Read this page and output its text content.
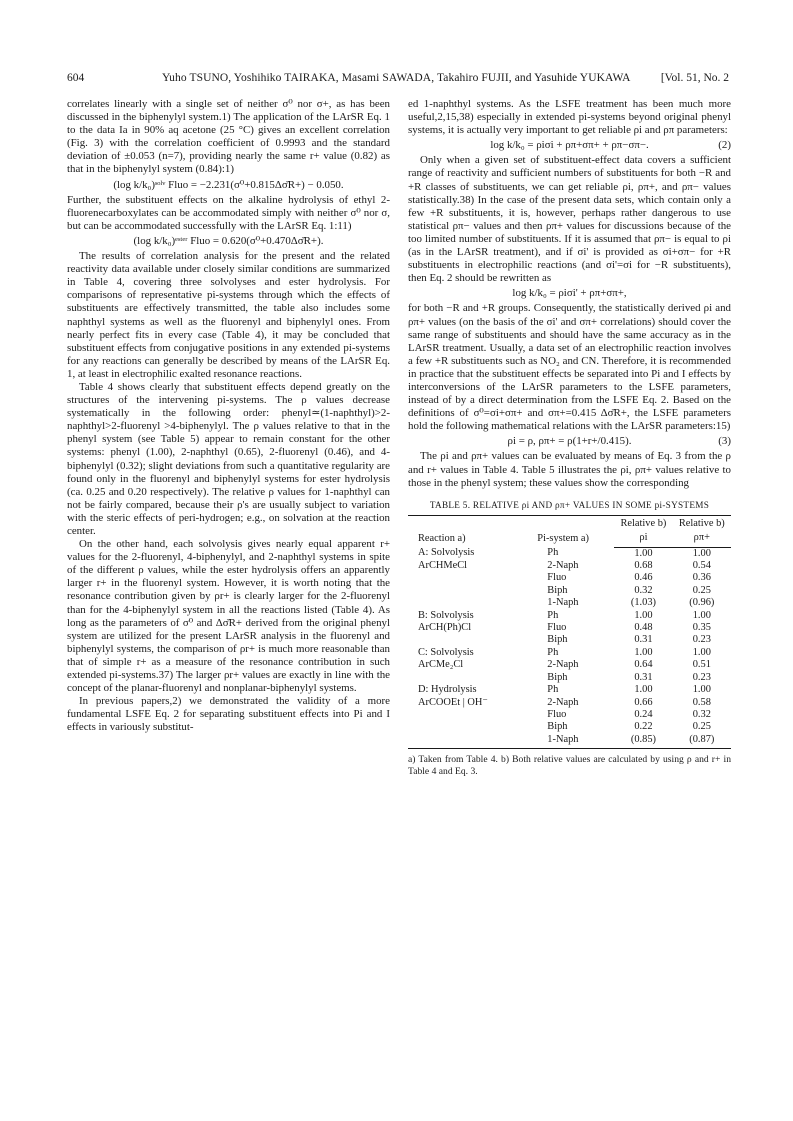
604	Yuho TSUNO, Yoshihiko TAIRAKA, Masami SAWADA, Takahiro FUJII, and Yasuhide YUKAWA	[Vol. 51, No. 2

correlates linearly with a single set of neither σ⁰ nor σ+, as has been discussed in the biphenylyl system.1) The application of the LArSR Eq. 1 to the data Ia in 90% aq acetone (25 °C) gives an excellent correlation (Fig. 3) with the correlation coefficient of 0.9993 and the standard deviation of ±0.053 (n=7), providing nearly the same r+ value (0.82) as that in the biphenylyl system (0.84):1)

(log k/k₀)ˢᵒˡᵛ Fluo = −2.231(σ⁰+0.815Δσ̄R+) − 0.050.

Further, the substituent effects on the alkaline hydrolysis of ethyl 2-fluorenecarboxylates can be accommodated simply with neither σ⁰ nor σ, but can be accommodated successfully with the LArSR Eq. 1:11)

(log k/k₀)ᵉˢᵗᵉʳ Fluo = 0.620(σ⁰+0.470Δσ̄R+).

The results of correlation analysis for the present and the related reactivity data available under closely similar conditions are summarized in Table 4, covering three solvolyses and ester hydrolysis. For comparisons of representative pi-systems through which the effects of substituents are effectively transmitted, the table also includes some naphthyl systems as well as the fluorenyl and biphenylyl ones. From nearly perfect fits in every case (Table 4), it may be concluded that substituent effects from conjugative positions in any extended pi-systems for any reactions can generally be described by means of the LArSR Eq. 1, at least in electrophilic exalted resonance reactions.

Table 4 shows clearly that substituent effects depend greatly on the structures of the intervening pi-systems. The ρ values decrease systematically in the following order: phenyl≃(1-naphthyl)>2-naphthyl>2-fluorenyl >4-biphenylyl. The ρ values relative to that in the phenyl system (see Table 5) appear to remain constant for the other systems: phenyl (1.00), 2-naphthyl (0.65), 2-fluorenyl (0.46), and 4-biphenylyl (0.32); slight deviations from such a quantitative regularity are found only in the fluorenyl and biphenylyl systems for ester hydrolysis (ca. 0.25 and 0.20 respectively). The relative ρ values for 1-naphthyl can not be fairly compared, because their ρ's are usually subject to variation with the steric effects of peri-hydrogen; e.g., on solvation at the reaction center.

On the other hand, each solvolysis gives nearly equal apparent r+ values for the 2-fluorenyl, 4-biphenylyl, and 2-naphthyl systems in spite of the different ρ values, while the ester hydrolysis offers an apparently larger r+ in the fluorenyl system. However, it is worth noting that the resonance contribution given by ρr+ is clearly larger for the 2-fluorenyl than for the 4-biphenylyl system in all the reactions listed (Table 4). As long as the parameters of σ⁰ and Δσ̄R+ derived from the original phenyl system are utilized for the present LArSR analysis in the fluorenyl and biphenylyl systems, the comparison of ρr+ is much more reasonable than that of simple r+ as a measure of the resonance contribution in such extended pi-systems.37) The larger ρr+ values are exactly in line with the concept of the planar-fluorenyl and nonplanar-biphenylyl systems.

In previous papers,2) we demonstrated the validity of a more fundamental LSFE Eq. 2 for separating substituent effects into Pi and I effects in variously substitut-

ed 1-naphthyl systems. As the LSFE treatment has been much more useful,2,15,38) especially in extended pi-systems beyond original phenyl systems, it is actually very important to get reliable ρi and ρπ parameters:

log k/k₀ = ρiσi + ρπ+σπ+ + ρπ−σπ−.	(2)

Only when a given set of substituent-effect data covers a sufficient range of reactivity and sufficient numbers of substituents for both −R and +R classes of substituents, we can get reliable ρi, ρπ+, and ρπ− values statistically.38) In the case of the present data sets, which contain only a few +R substituents, it is, however, perhaps rather dangerous to use statistical ρπ− values and then ρπ+ values for discussions because of the too limited number of substituents. If it is assumed that ρπ− is equal to ρi (as in the LArSR treatment), and if σi' is provided as σi+σπ− for +R substituents in electrophilic reactions (and σi'=σi for −R substituents), then Eq. 2 should be rewritten as

log k/k₀ = ρiσi' + ρπ+σπ+,

for both −R and +R groups. Consequently, the statistically derived ρi and ρπ+ values (on the basis of the σi' and σπ+ correlations) should cover the same range of substituents and should have the same accuracy as in the LArSR treatment. Usually, a data set of an electrophilic reaction involves a few +R substituents such as NO₂ and CN. Therefore, it is recommended in practice that the substituent effects be separated into Pi and I effects by interconversions of the LArSR parameters to the LSFE parameters, instead of by a direct determination from the LSFE Eq. 2. Based on the definitions of σ⁰=σi+σπ+ and σπ+=0.415 Δσ̄R+, the LSFE parameters hold the following mathematical relations with the LArSR parameters:15)

ρi = ρ, ρπ+ = ρ(1+r+/0.415).	(3)

The ρi and ρπ+ values can be evaluated by means of Eq. 3 from the ρ and r+ values in Table 4. Table 5 illustrates the ρi, ρπ+ values relative to those in the phenyl system; these values show the corresponding

TABLE 5. RELATIVE ρi AND ρπ+ VALUES IN SOME pi-SYSTEMS
Reaction a)	Pi-system a)	Relative b)	Relative b)
		ρi	ρπ+
A: Solvolysis	Ph	1.00	1.00
ArCHMeCl	2-Naph	0.68	0.54
	Fluo	0.46	0.36
	Biph	0.32	0.25
	1-Naph	(1.03)	(0.96)
B: Solvolysis	Ph	1.00	1.00
ArCH(Ph)Cl	Fluo	0.48	0.35
	Biph	0.31	0.23
C: Solvolysis	Ph	1.00	1.00
ArCMe₂Cl	2-Naph	0.64	0.51
	Biph	0.31	0.23
D: Hydrolysis	Ph	1.00	1.00
ArCOOEt | OH⁻	2-Naph	0.66	0.58
	Fluo	0.24	0.32
	Biph	0.22	0.25
	1-Naph	(0.85)	(0.87)
a) Taken from Table 4. b) Both relative values are calculated by using ρ and r+ in Table 4 and Eq. 3.
